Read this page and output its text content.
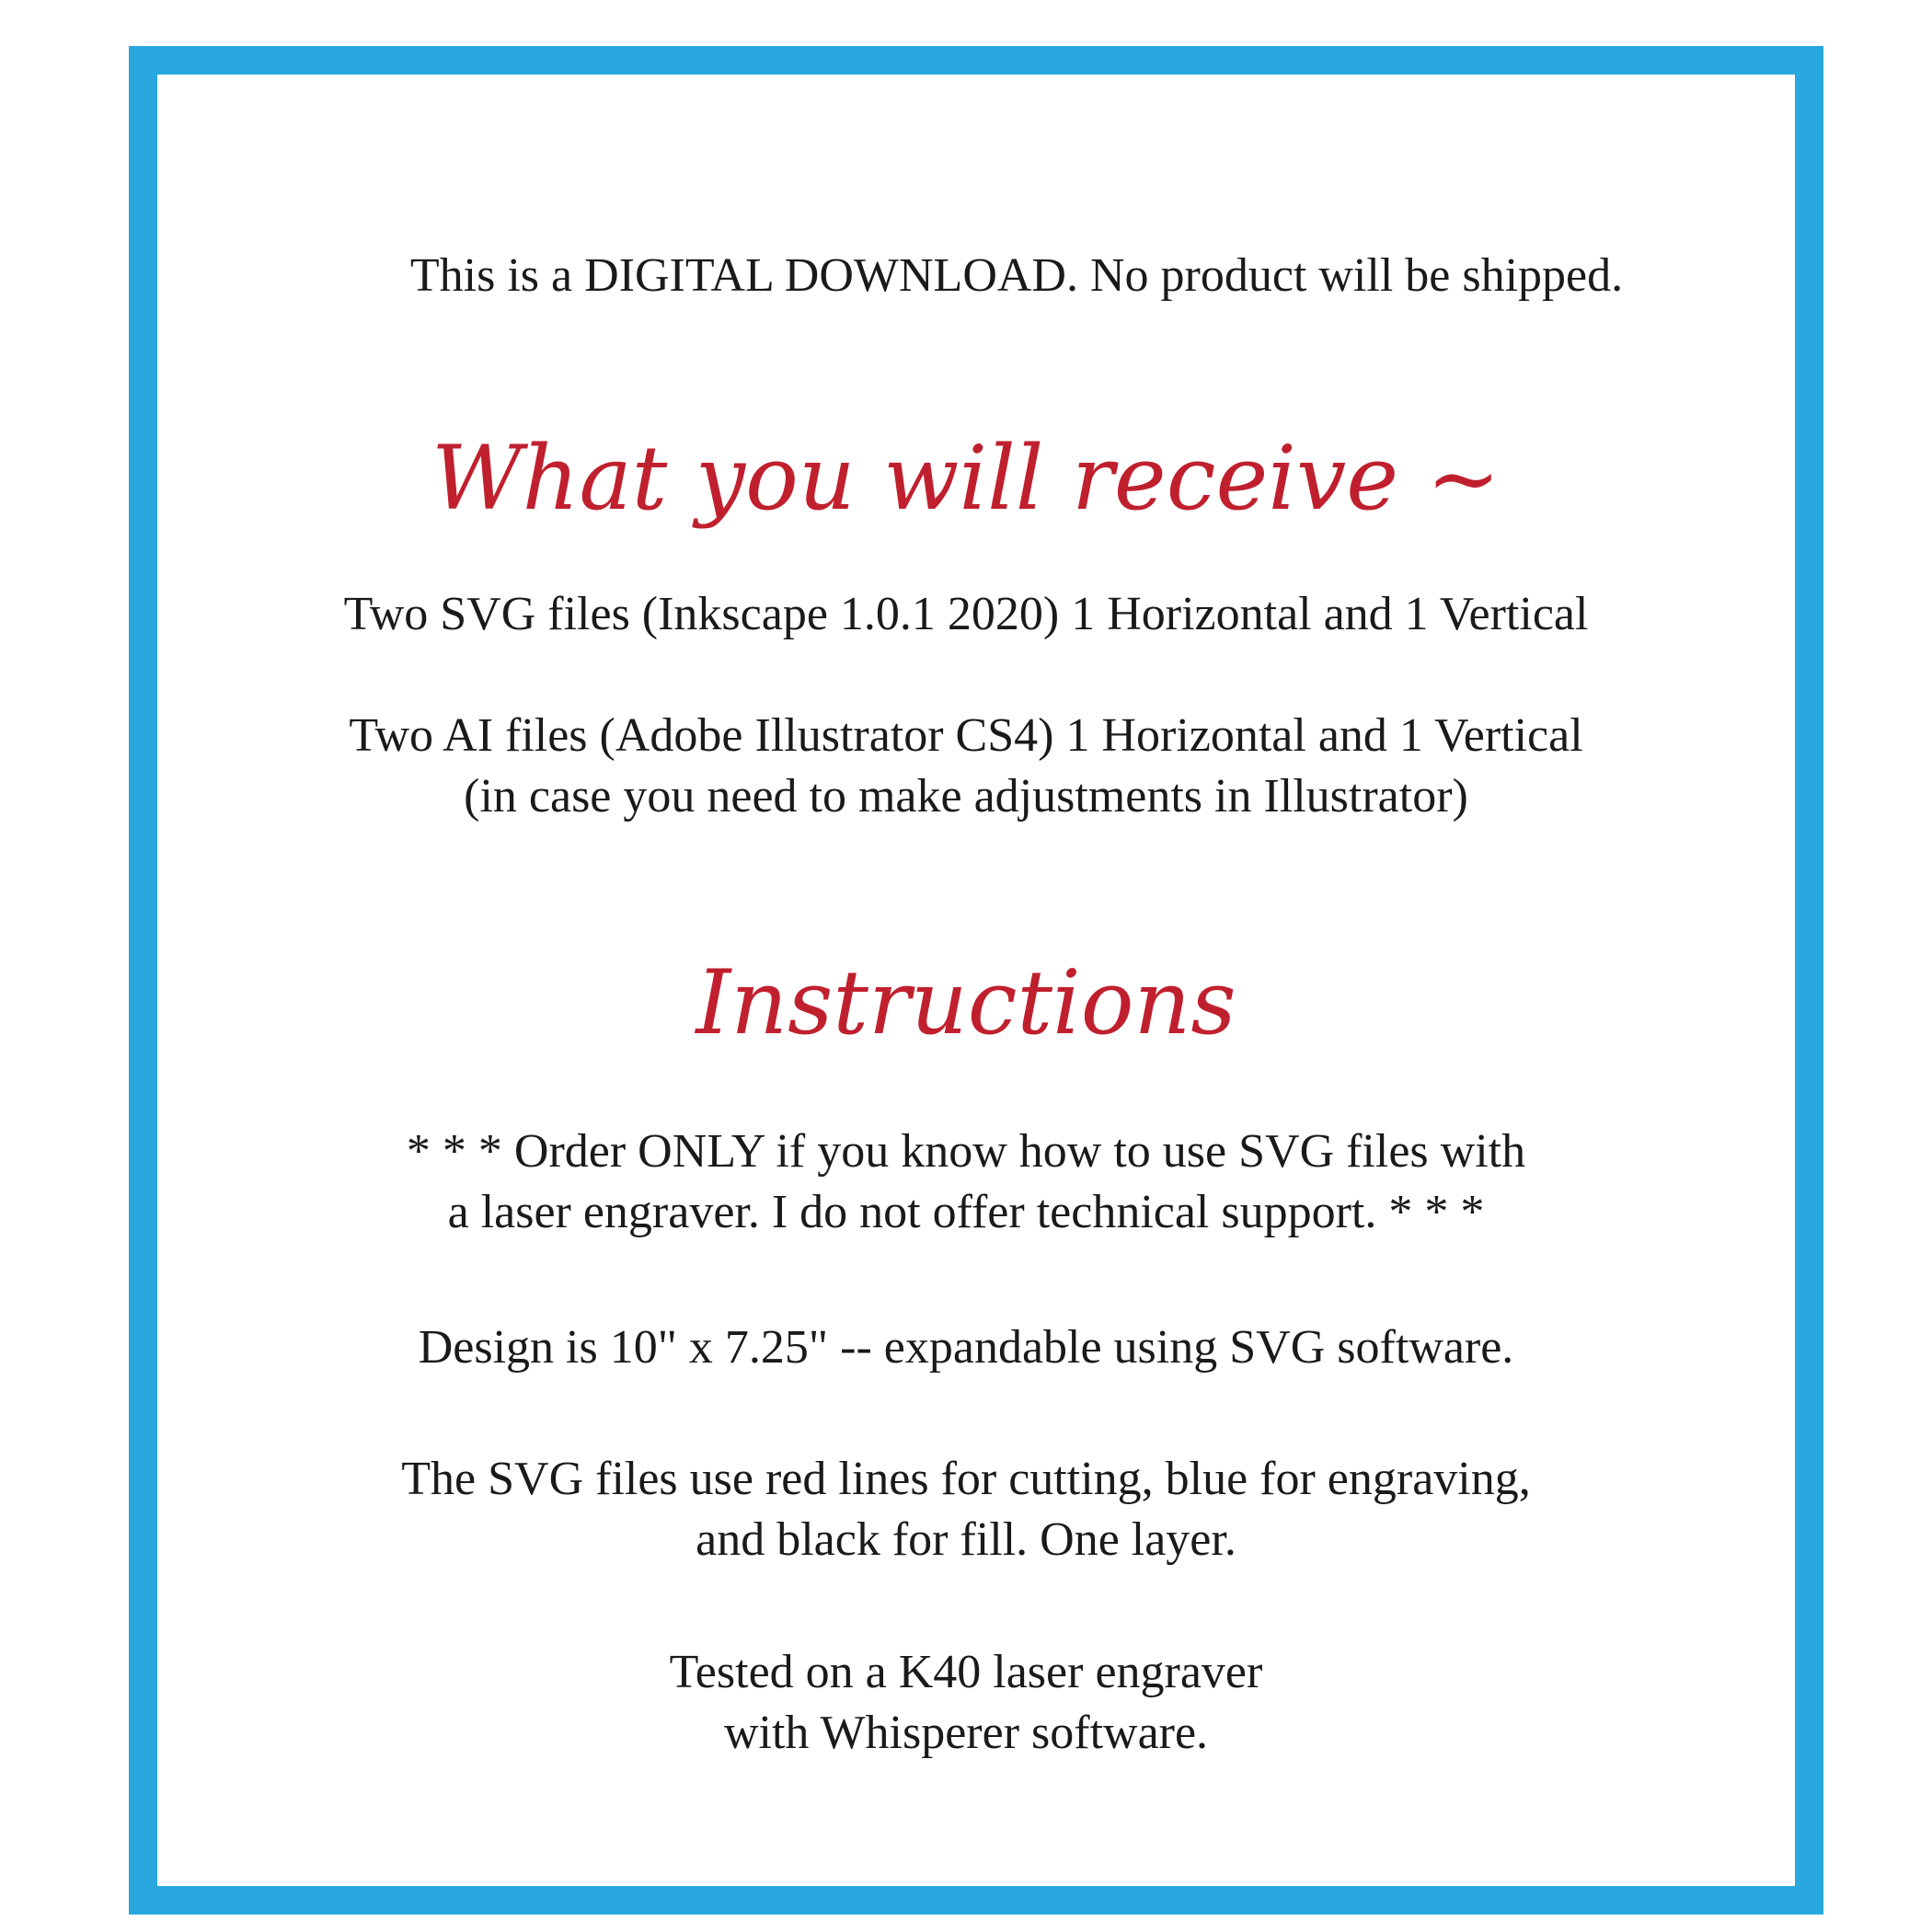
This is a DIGITAL DOWNLOAD. No product will be shipped.
What you will receive ~
Two SVG files (Inkscape 1.0.1 2020) 1 Horizontal and 1 Vertical
Two AI files (Adobe Illustrator CS4) 1 Horizontal and 1 Vertical
(in case you need to make adjustments in Illustrator)
Instructions
* * * Order ONLY if you know how to use SVG files with
a laser engraver. I do not offer technical support. * * *
Design is 10" x 7.25" -- expandable using SVG software.
The SVG files use red lines for cutting, blue for engraving,
and black for fill. One layer.
Tested on a K40 laser engraver
with Whisperer software.
